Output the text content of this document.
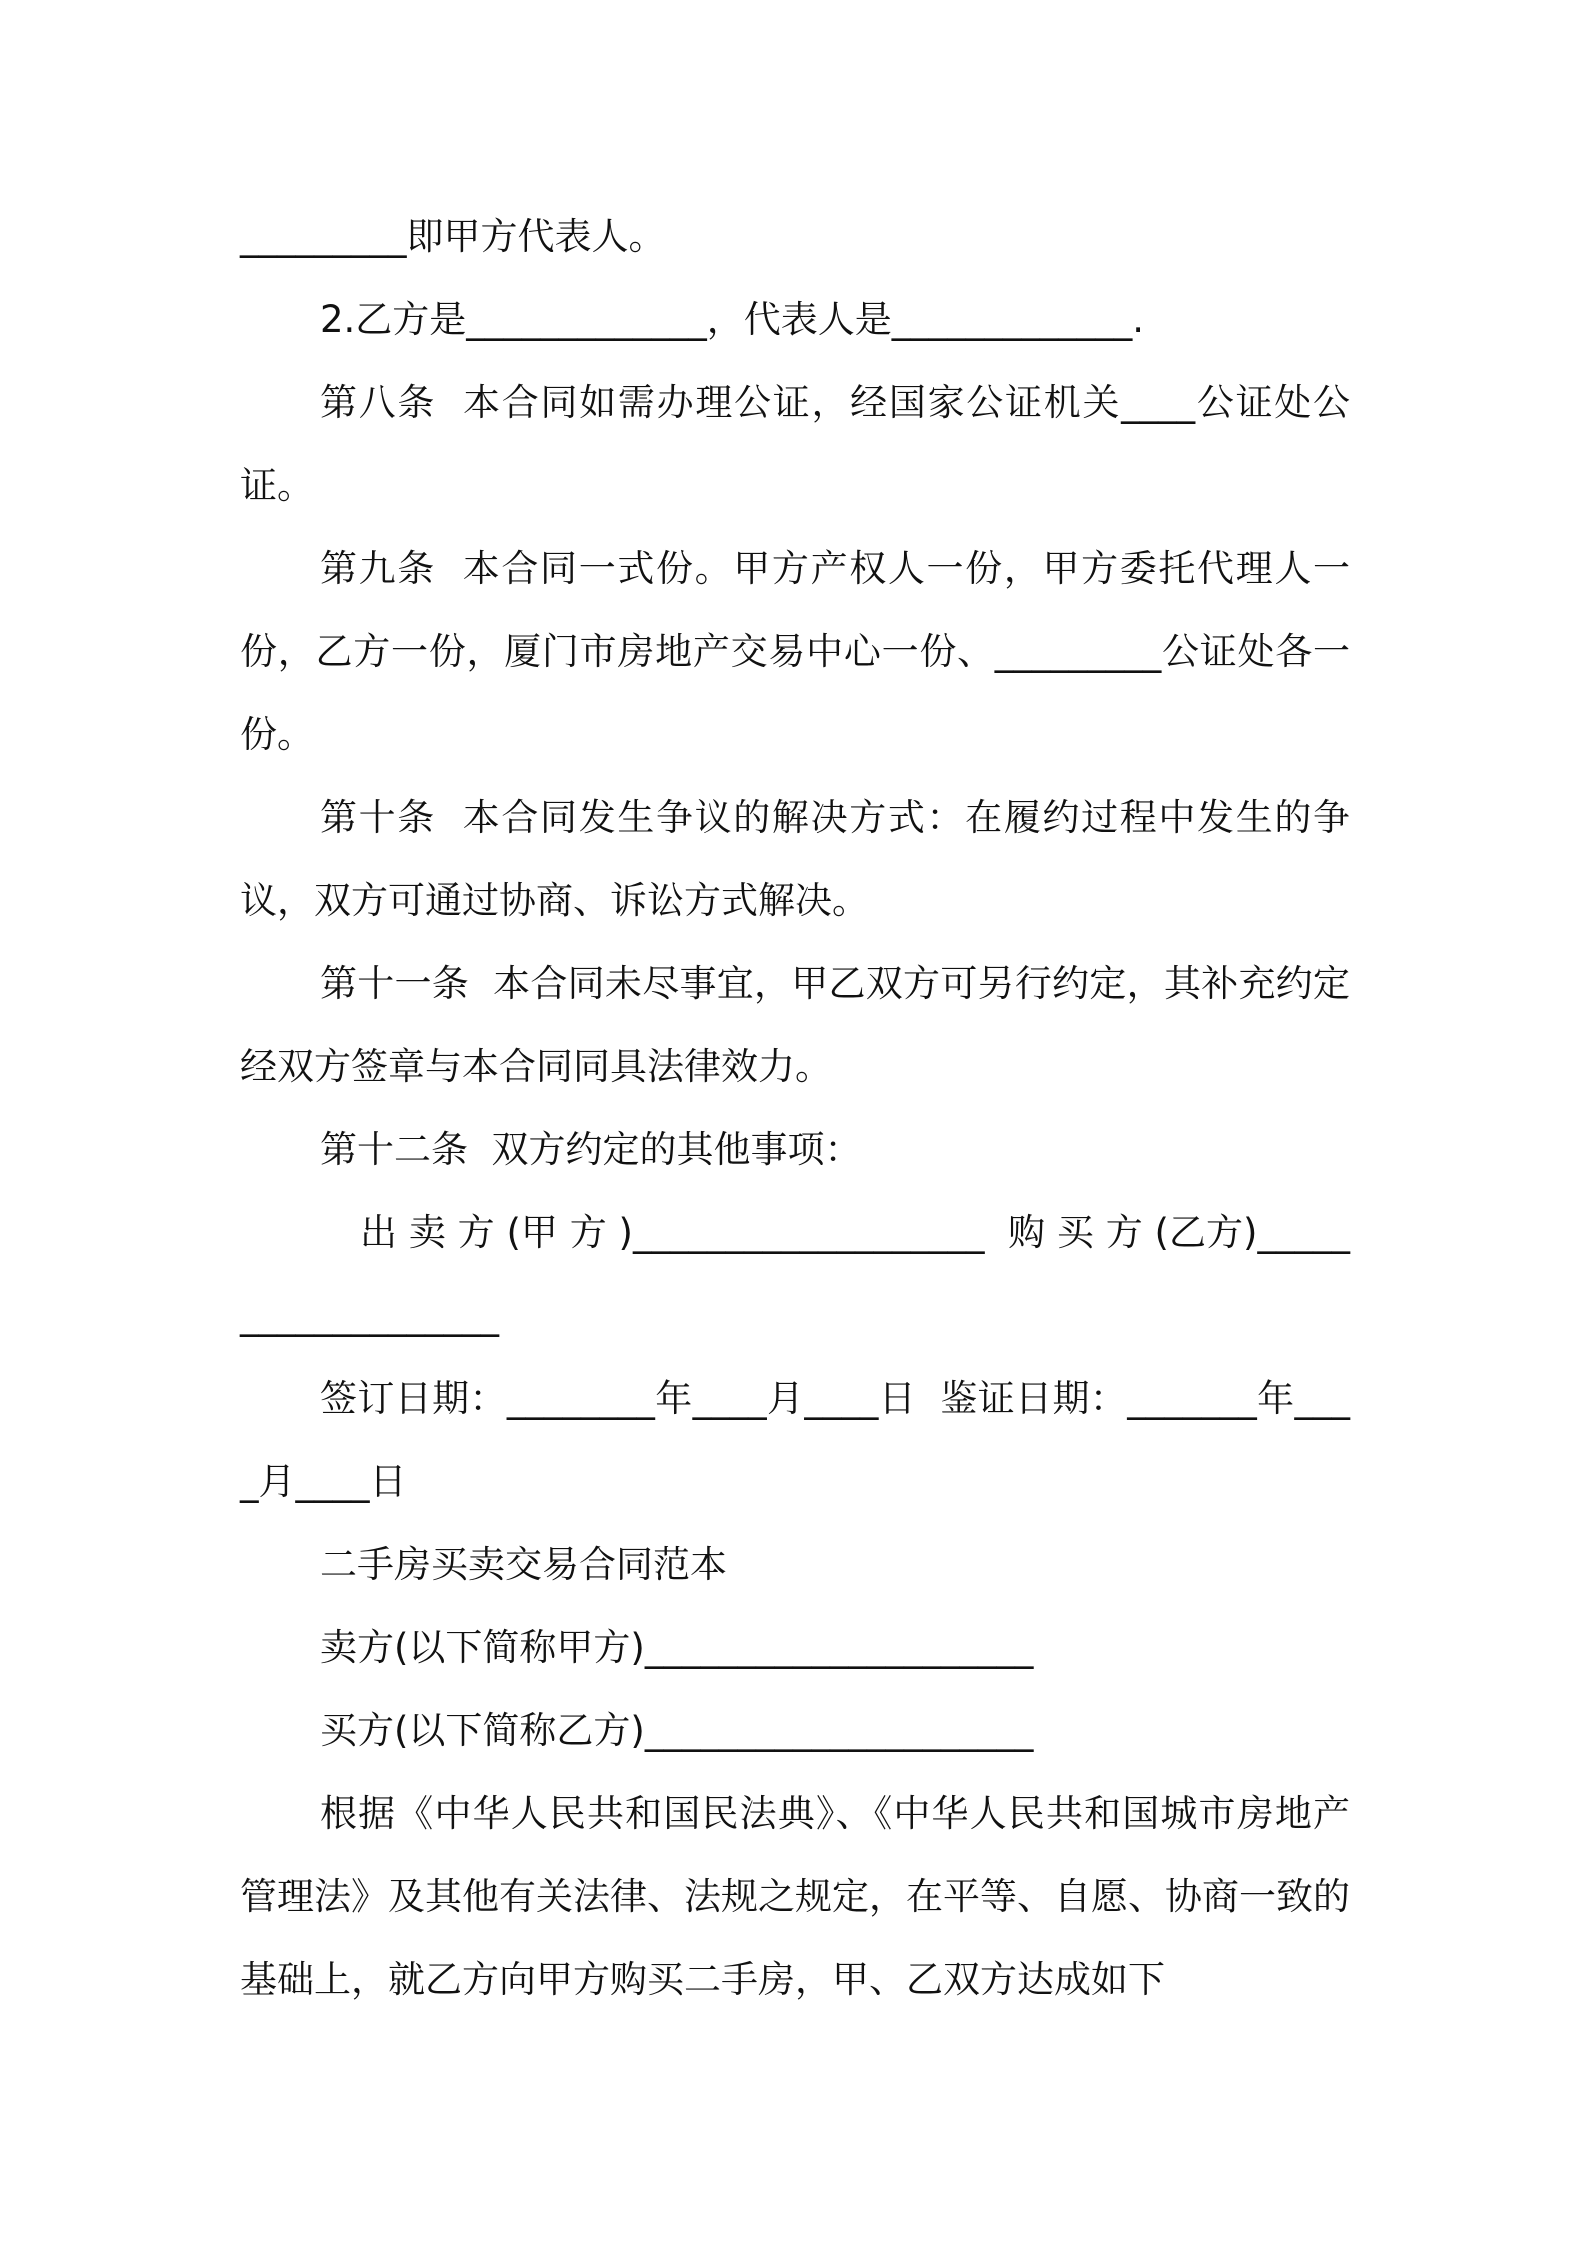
_________即甲方代表人。

2.乙方是_____________，代表人是_____________.

第八条  本合同如需办理公证，经国家公证机关____公证处公证。

第九条  本合同一式份。甲方产权人一份，甲方委托代理人一份，乙方一份，厦门市房地产交易中心一份、_________公证处各一份。

第十条  本合同发生争议的解决方式：在履约过程中发生的争议，双方可通过协商、诉讼方式解决。

第十一条  本合同未尽事宜，甲乙双方可另行约定，其补充约定经双方签章与本合同同具法律效力。

第十二条  双方约定的其他事项：

出 卖 方 (甲 方 )___________________  购 买 方 (乙方)___________________

签订日期：________年____月____日  鉴证日期：_______年____月____日

二手房买卖交易合同范本

卖方(以下简称甲方)_____________________

买方(以下简称乙方)_____________________

根据《中华人民共和国民法典》、《中华人民共和国城市房地产管理法》及其他有关法律、法规之规定，在平等、自愿、协商一致的基础上，就乙方向甲方购买二手房，甲、乙双方达成如下
